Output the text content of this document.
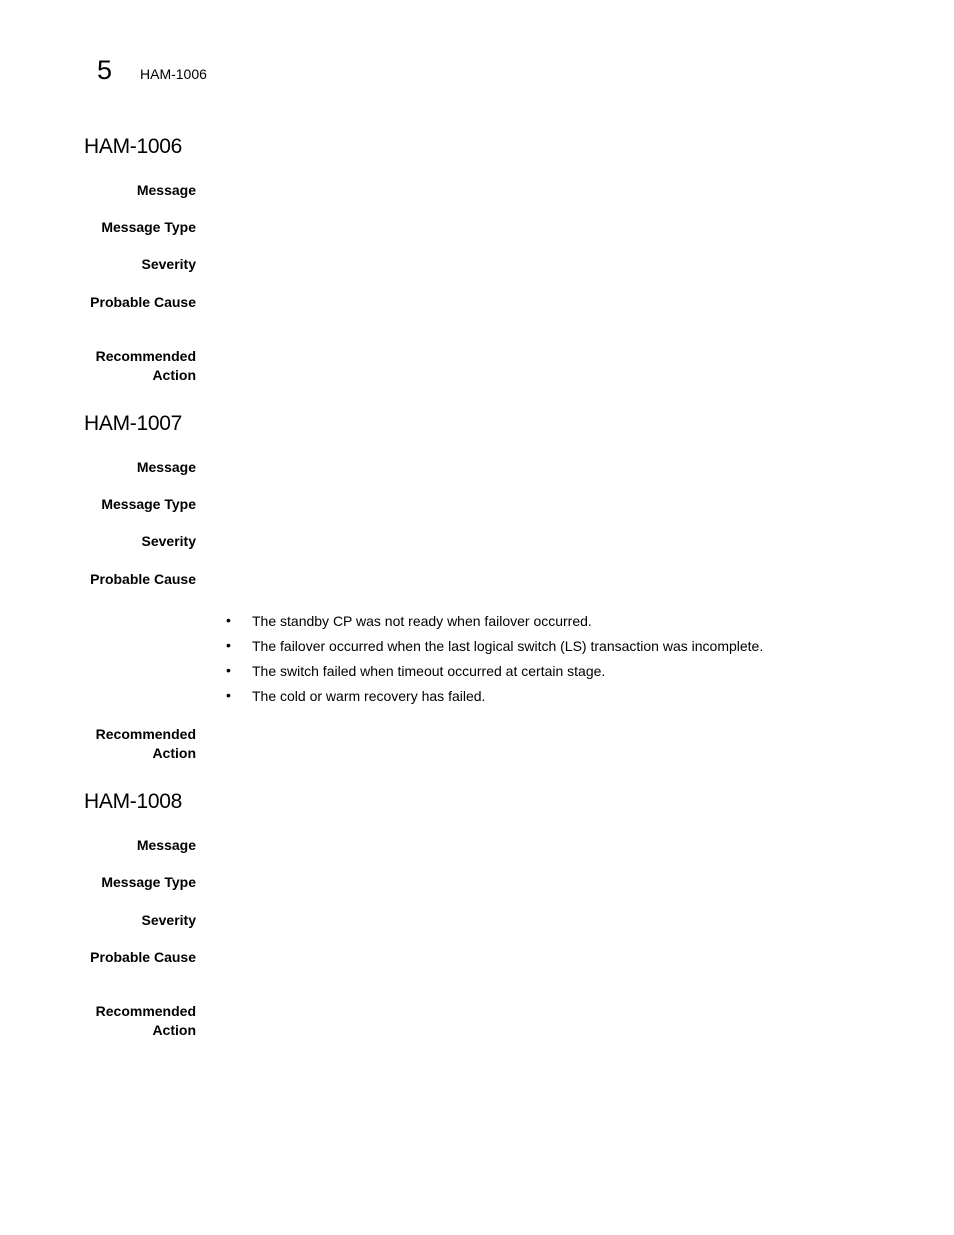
5 HAM-1006
HAM-1006
Message
Message Type
Severity
Probable Cause
Recommended
Action
HAM-1007
Message
Message Type
Severity
Probable Cause
• The standby CP was not ready when failover occurred.
• The failover occurred when the last logical switch (LS) transaction was incomplete.
• The switch failed when timeout occurred at certain stage.
• The cold or warm recovery has failed.
Recommended
Action
HAM-1008
Message
Message Type
Severity
Probable Cause
Recommended
Action
